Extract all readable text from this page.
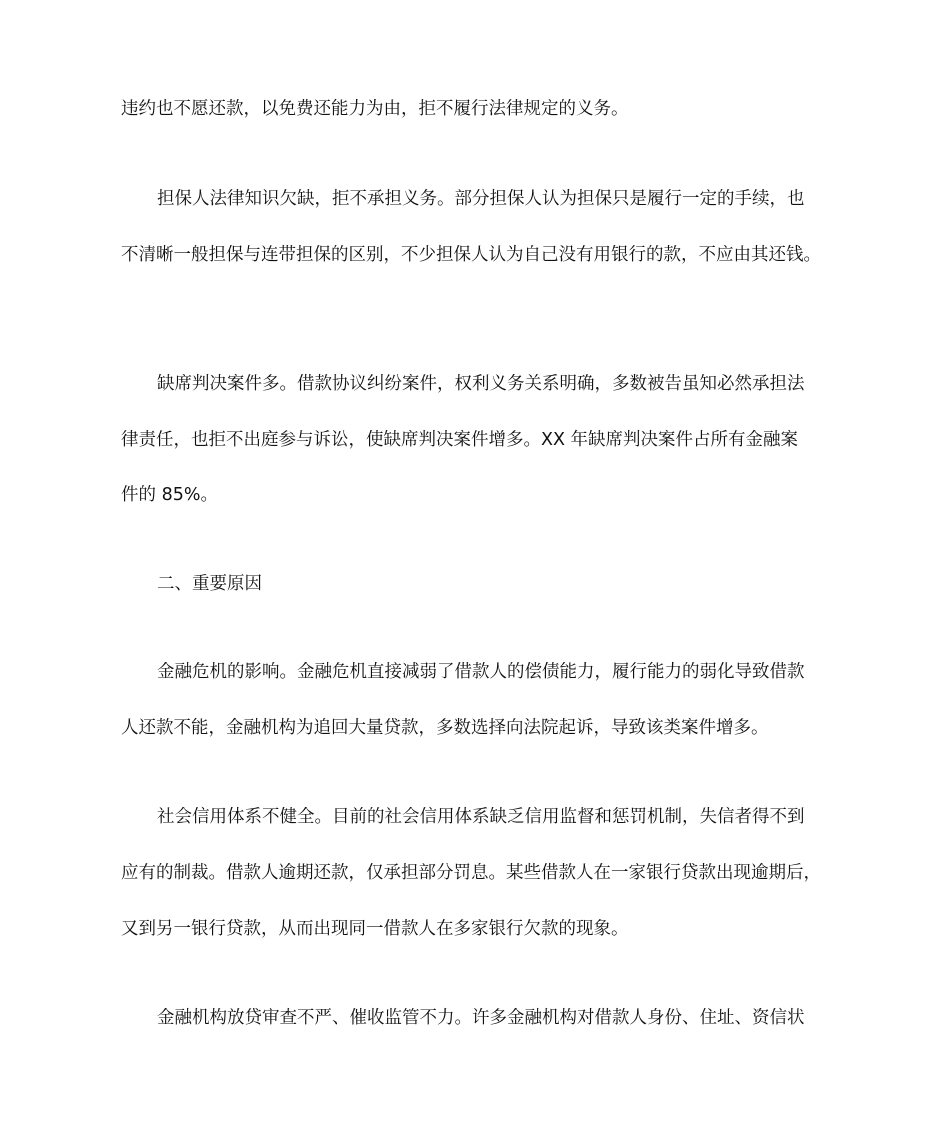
违约也不愿还款，以免费还能力为由，拒不履行法律规定的义务。
担保人法律知识欠缺，拒不承担义务。部分担保人认为担保只是履行一定的手续，也
不清晰一般担保与连带担保的区别，不少担保人认为自己没有用银行的款，不应由其还钱。
缺席判决案件多。借款协议纠纷案件，权利义务关系明确，多数被告虽知必然承担法
律责任，也拒不出庭参与诉讼，使缺席判决案件增多。XX 年缺席判决案件占所有金融案
件的 85%。
二、重要原因
金融危机的影响。金融危机直接减弱了借款人的偿债能力，履行能力的弱化导致借款
人还款不能，金融机构为追回大量贷款，多数选择向法院起诉，导致该类案件增多。
社会信用体系不健全。目前的社会信用体系缺乏信用监督和惩罚机制，失信者得不到
应有的制裁。借款人逾期还款，仅承担部分罚息。某些借款人在一家银行贷款出现逾期后，
又到另一银行贷款，从而出现同一借款人在多家银行欠款的现象。
金融机构放贷审查不严、催收监管不力。许多金融机构对借款人身份、住址、资信状
